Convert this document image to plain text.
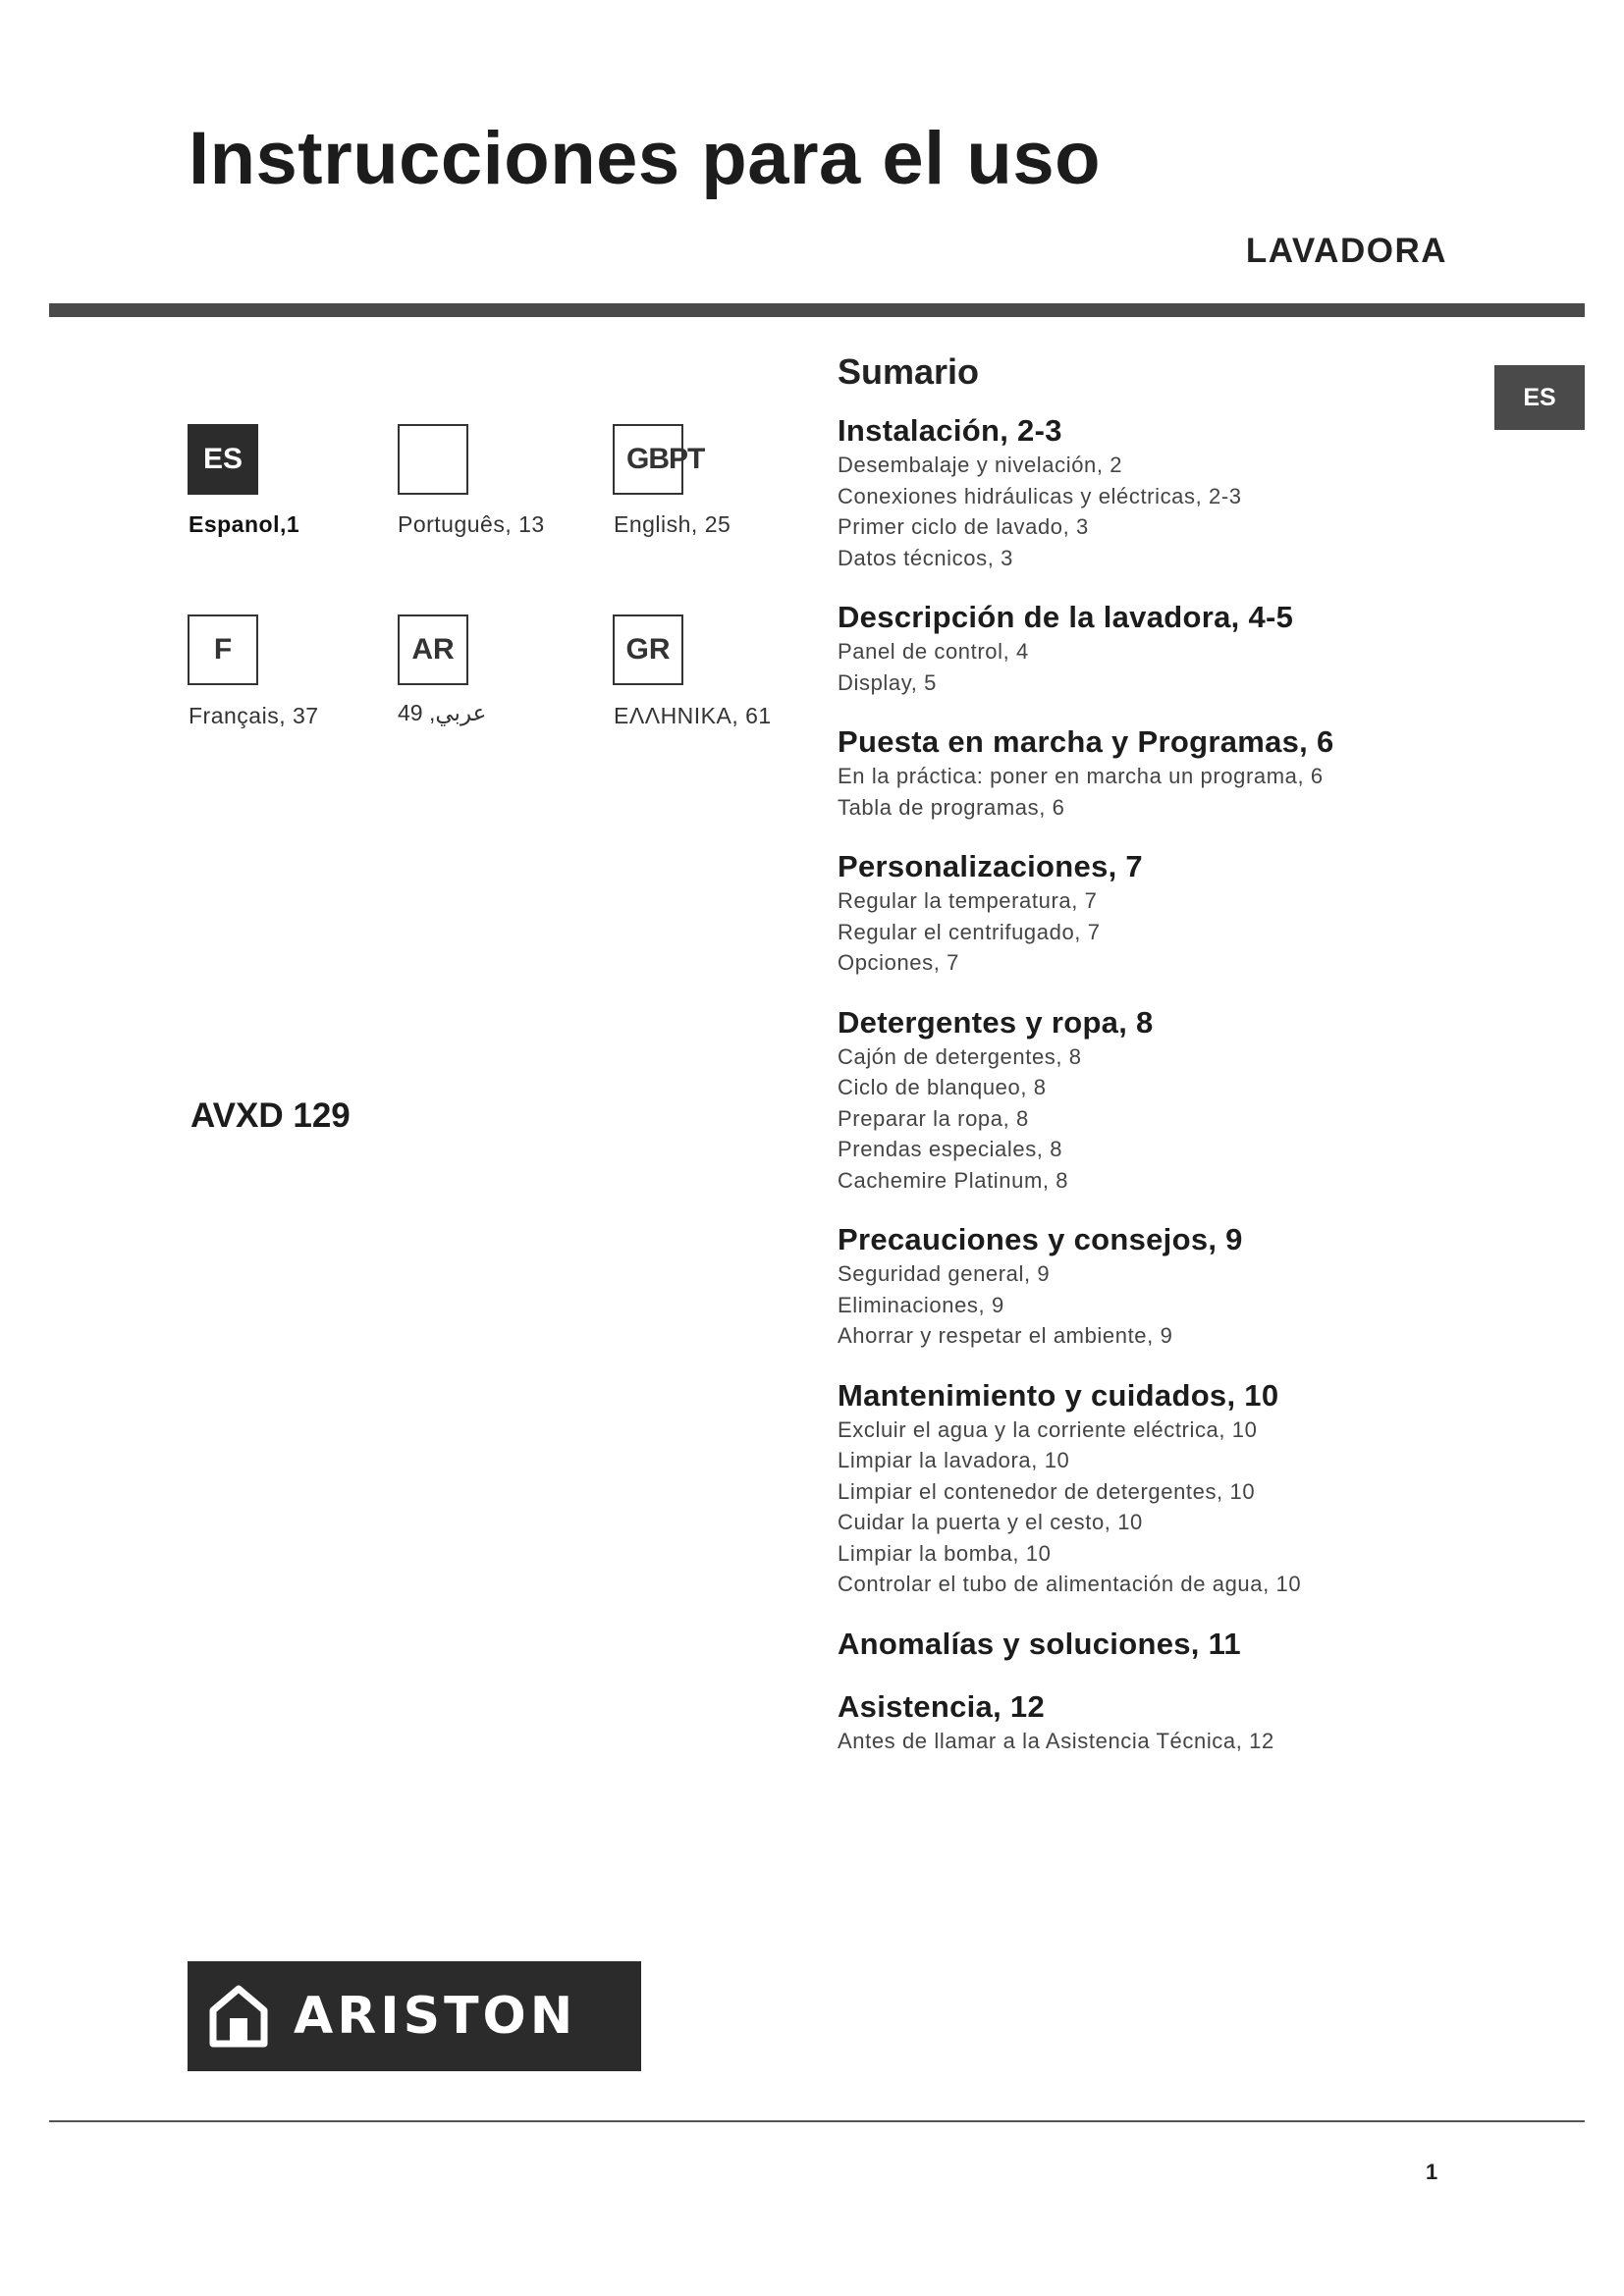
Instrucciones para el uso
LAVADORA
ES
ES
Espanol,1	Português, 13
GBPT
English, 25
F
Français, 37
AR
عربي, 49
GR
ΕΛΛΗΝΙΚΑ, 61
AVXD 129
Sumario
Instalación, 2-3
Desembalaje y nivelación, 2
Conexiones hidráulicas y eléctricas, 2-3
Primer ciclo de lavado, 3
Datos técnicos, 3
Descripción de la lavadora, 4-5
Panel de control, 4
Display, 5
Puesta en marcha y Programas, 6
En la práctica: poner en marcha un programa, 6
Tabla de programas, 6
Personalizaciones, 7
Regular la temperatura, 7
Regular el centrifugado, 7
Opciones, 7
Detergentes y ropa, 8
Cajón de detergentes, 8
Ciclo de blanqueo, 8
Preparar la ropa, 8
Prendas especiales, 8
Cachemire Platinum, 8
Precauciones y consejos, 9
Seguridad general, 9
Eliminaciones, 9
Ahorrar y respetar el ambiente, 9
Mantenimiento y cuidados, 10
Excluir el agua y la corriente eléctrica, 10
Limpiar la lavadora, 10
Limpiar el contenedor de detergentes, 10
Cuidar la puerta y el cesto, 10
Limpiar la bomba, 10
Controlar el tubo de alimentación de agua, 10
Anomalías y soluciones, 11
Asistencia, 12
Antes de llamar a la Asistencia Técnica, 12
ARISTON
1
